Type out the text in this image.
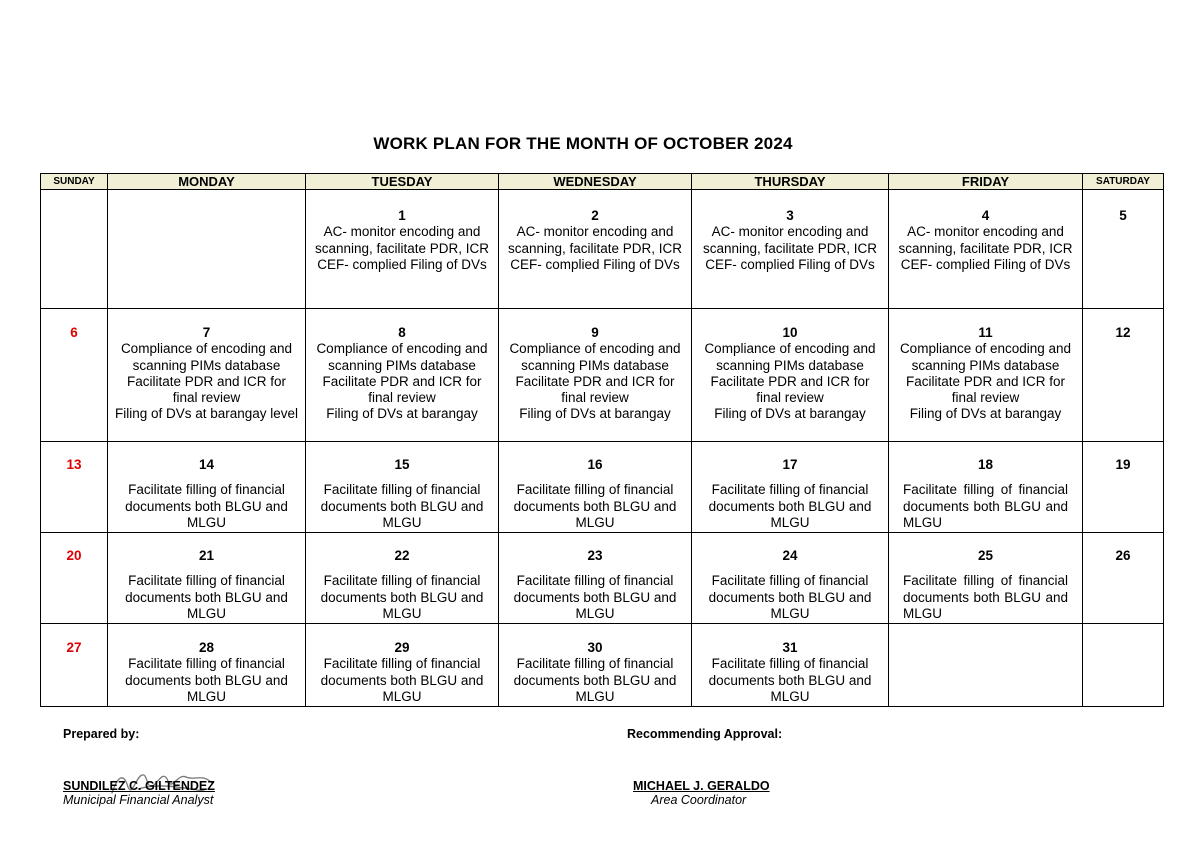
WORK PLAN FOR THE MONTH OF OCTOBER 2024
SUNDAY	MONDAY	TUESDAY	WEDNESDAY	THURSDAY	FRIDAY	SATURDAY

		1
AC- monitor encoding and scanning, facilitate PDR, ICR
CEF- complied Filing of DVs	2
AC- monitor encoding and scanning, facilitate PDR, ICR
CEF- complied Filing of DVs	3
AC- monitor encoding and scanning, facilitate PDR, ICR
CEF- complied Filing of DVs	4
AC- monitor encoding and scanning, facilitate PDR, ICR
CEF- complied Filing of DVs	5

6	7
Compliance of encoding and scanning PIMs database
Facilitate PDR and ICR for final review
Filing of DVs at barangay level	8
Compliance of encoding and scanning PIMs database
Facilitate PDR and ICR for final review
Filing of DVs at barangay	9
Compliance of encoding and scanning PIMs database
Facilitate PDR and ICR for final review
Filing of DVs at barangay	10
Compliance of encoding and scanning PIMs database
Facilitate PDR and ICR for final review
Filing of DVs at barangay	11
Compliance of encoding and scanning PIMs database
Facilitate PDR and ICR for final review
Filing of DVs at barangay	12

13	14
Facilitate filling of financial documents both BLGU and MLGU	15
Facilitate filling of financial documents both BLGU and MLGU	16
Facilitate filling of financial documents both BLGU and MLGU	17
Facilitate filling of financial documents both BLGU and MLGU	18
Facilitate filling of financial documents both BLGU and MLGU	19

20	21
Facilitate filling of financial documents both BLGU and MLGU	22
Facilitate filling of financial documents both BLGU and MLGU	23
Facilitate filling of financial documents both BLGU and MLGU	24
Facilitate filling of financial documents both BLGU and MLGU	25
Facilitate filling of financial documents both BLGU and MLGU	26

27	28
Facilitate filling of financial documents both BLGU and MLGU	29
Facilitate filling of financial documents both BLGU and MLGU	30
Facilitate filling of financial documents both BLGU and MLGU	31
Facilitate filling of financial documents both BLGU and MLGU		

Prepared by:
SUNDILEZ C. GILTENDEZ
Municipal Financial Analyst
Recommending Approval:
MICHAEL J. GERALDO
Area Coordinator
